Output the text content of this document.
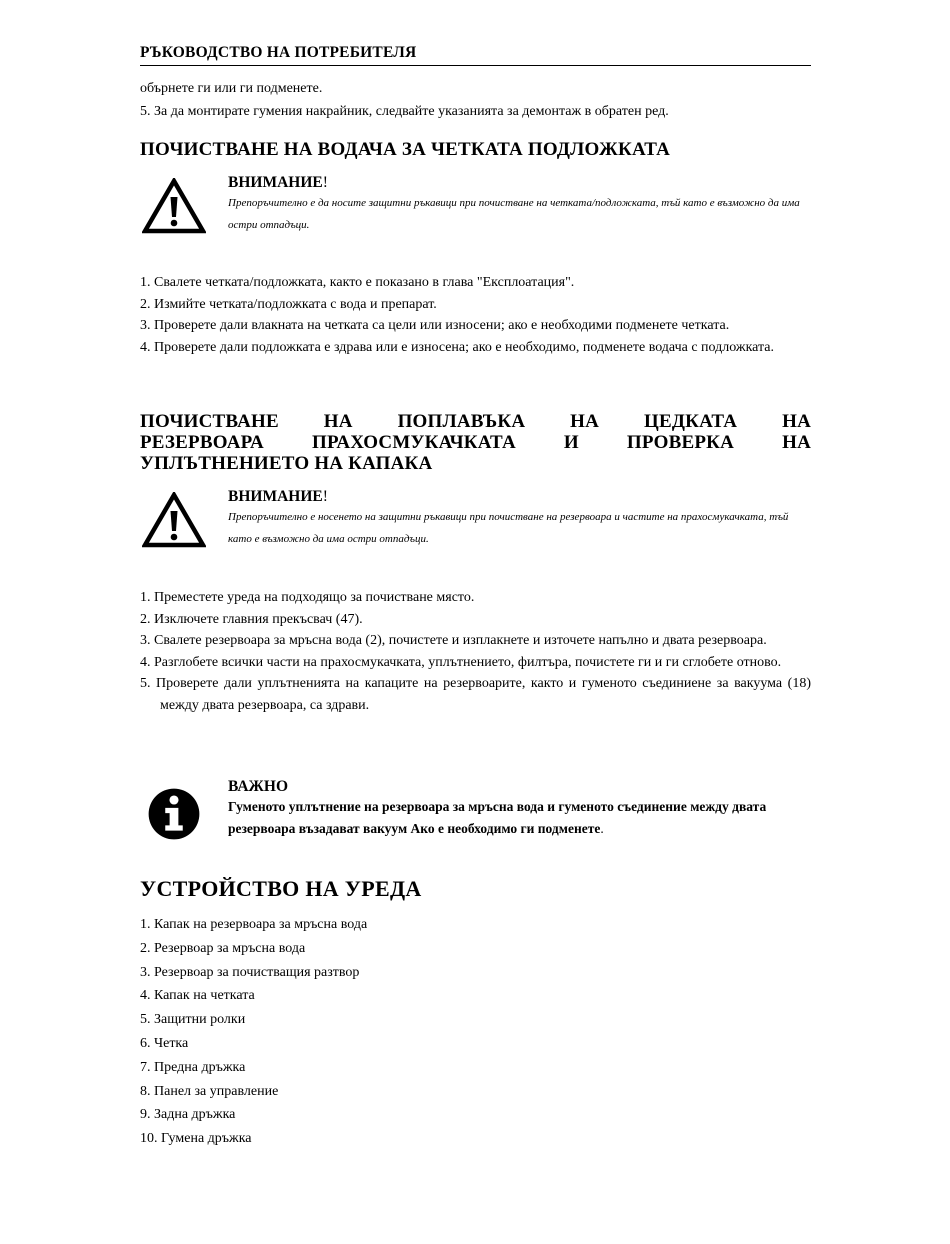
РЪКОВОДСТВО НА ПОТРЕБИТЕЛЯ

обърнете ги или ги подменете.

5. За да монтирате гумения накрайник, следвайте указанията за демонтаж в обратен ред.

ПОЧИСТВАНЕ НА ВОДАЧА ЗА ЧЕТКАТА ПОДЛОЖКАТА

ВНИМАНИЕ!

Препоръчително е да носите защитни ръкавици при почистване на четката/подложката, тъй като е възможно да има остри отпадъци.

1. Свалете четката/подложката, както е показано в глава "Експлоатация".

2. Измийте четката/подложката с вода и препарат.

3. Проверете дали влакната на четката са цели или износени; ако е необходими подменете четката.

4. Проверете дали подложката е здрава или е износена; ако е необходимо, подменете водача с подложката.

ПОЧИСТВАНЕ НА ПОПЛАВЪКА НА ЦЕДКАТА НА
РЕЗЕРВОАРА ПРАХОСМУКАЧКАТА И ПРОВЕРКА НА
УПЛЪТНЕНИЕТО НА КАПАКА

ВНИМАНИЕ!

Препоръчително е носенето на защитни ръкавици при почистване на резервоара и частите на прахосмукачката, тъй като е възможно да има остри отпадъци.

1. Преместете уреда на подходящо за почистване място.

2. Изключете главния прекъсвач (47).

3. Свалете резервоара за мръсна вода (2), почистете и изплакнете и източете напълно и двата резервоара.

4. Разглобете всички части на прахосмукачката, уплътнението, филтъра, почистете ги и ги сглобете отново.

5. Проверете дали уплътненията на капаците на резервоарите, както и гуменото съединиене за вакуума (18) между двата резервоара, са здрави.

ВАЖНО

Гуменото уплътнение на резервоара за мръсна вода и гуменото съединение между двата резервоара възадават вакуум Ако е необходимо ги подменете.

УСТРОЙСТВО НА УРЕДА

1. Капак на резервоара за мръсна вода

2. Резервоар за мръсна вода

3. Резервоар за почистващия разтвор

4. Капак на четката

5. Защитни ролки

6. Четка

7. Предна дръжка

8. Панел за управление

9. Задна дръжка

10. Гумена дръжка
